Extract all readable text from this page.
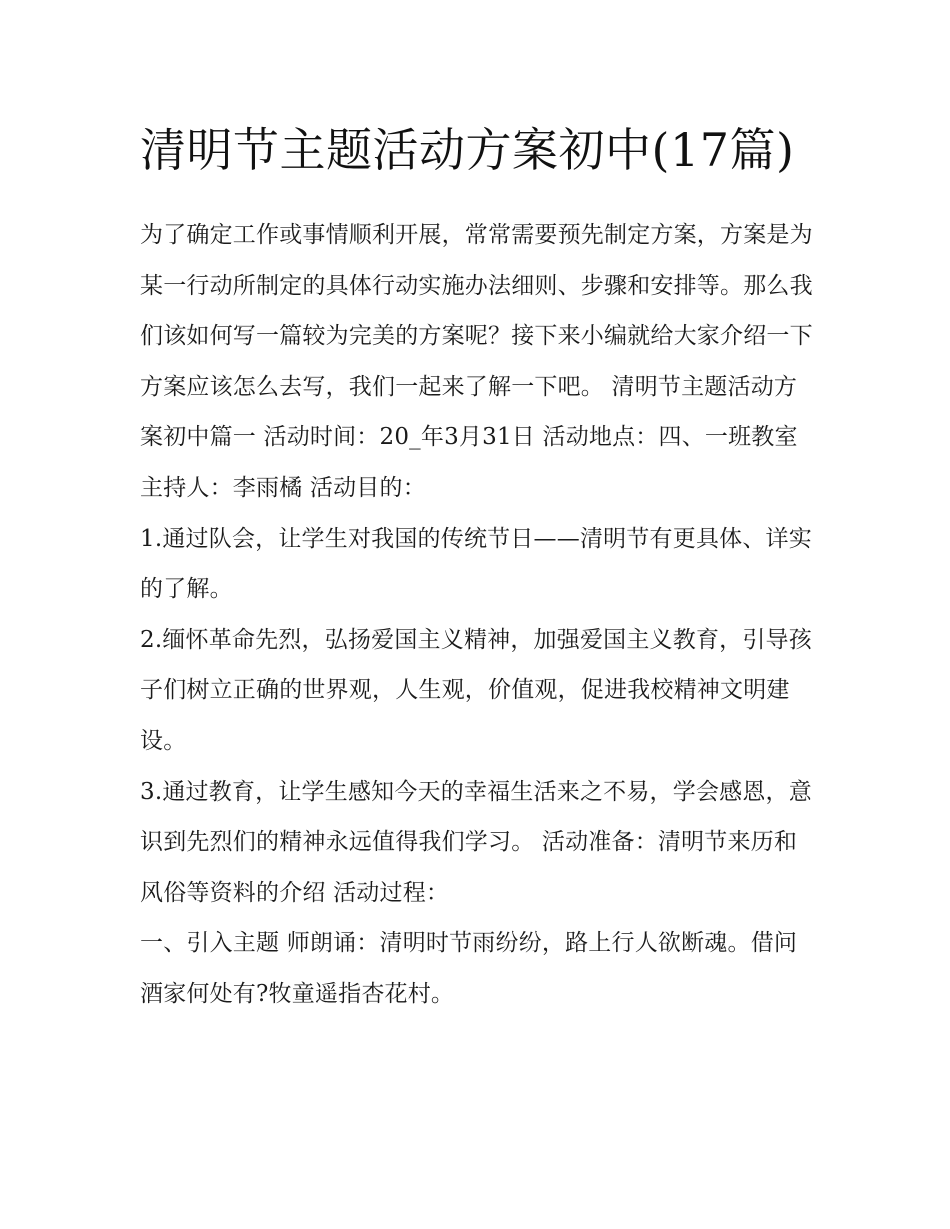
清明节主题活动方案初中(17篇)

为了确定工作或事情顺利开展，常常需要预先制定方案，方案是为某一行动所制定的具体行动实施办法细则、步骤和安排等。那么我们该如何写一篇较为完美的方案呢？接下来小编就给大家介绍一下方案应该怎么去写，我们一起来了解一下吧。 清明节主题活动方案初中篇一 活动时间：20_年3月31日 活动地点：四、一班教室 主持人：李雨橘 活动目的：

1.通过队会，让学生对我国的传统节日——清明节有更具体、详实的了解。

2.缅怀革命先烈，弘扬爱国主义精神，加强爱国主义教育，引导孩子们树立正确的世界观，人生观，价值观，促进我校精神文明建设。

3.通过教育，让学生感知今天的幸福生活来之不易，学会感恩，意识到先烈们的精神永远值得我们学习。 活动准备：清明节来历和风俗等资料的介绍 活动过程：

一、引入主题 师朗诵：清明时节雨纷纷，路上行人欲断魂。借问酒家何处有?牧童遥指杏花村。
